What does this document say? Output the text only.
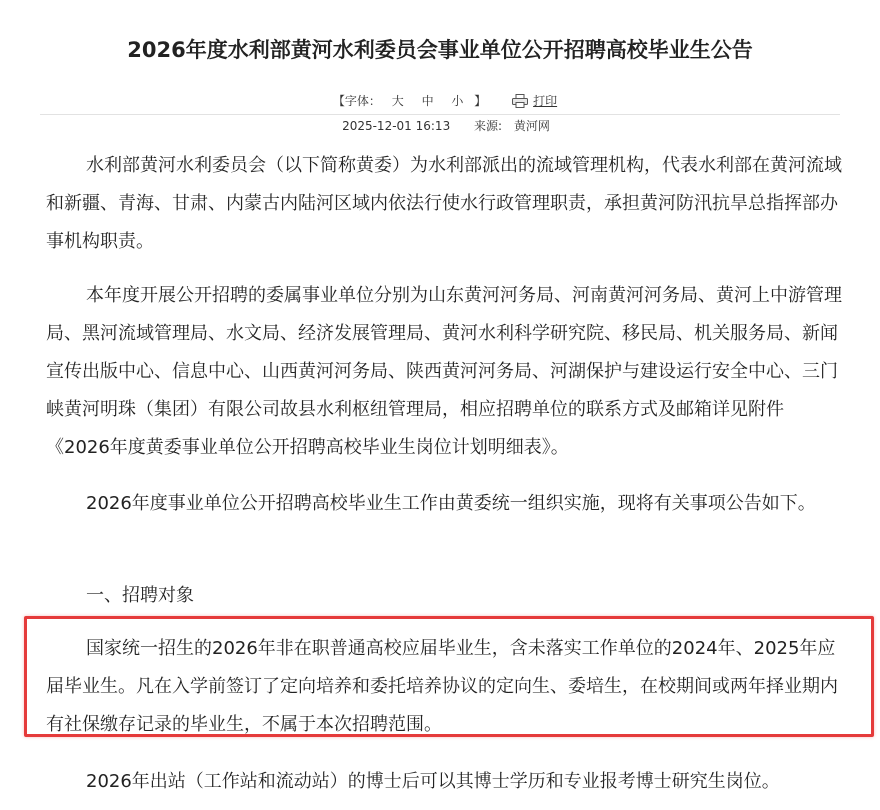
2026年度水利部黄河水利委员会事业单位公开招聘高校毕业生公告
【字体： 大 中 小 】	打印
2025-12-01 16:13 来源: 黄河网

水利部黄河水利委员会（以下简称黄委）为水利部派出的流域管理机构，代表水利部在黄河流域和新疆、青海、甘肃、内蒙古内陆河区域内依法行使水行政管理职责，承担黄河防汛抗旱总指挥部办事机构职责。

本年度开展公开招聘的委属事业单位分别为山东黄河河务局、河南黄河河务局、黄河上中游管理局、黑河流域管理局、水文局、经济发展管理局、黄河水利科学研究院、移民局、机关服务局、新闻宣传出版中心、信息中心、山西黄河河务局、陕西黄河河务局、河湖保护与建设运行安全中心、三门峡黄河明珠（集团）有限公司故县水利枢纽管理局，相应招聘单位的联系方式及邮箱详见附件《2026年度黄委事业单位公开招聘高校毕业生岗位计划明细表》。

2026年度事业单位公开招聘高校毕业生工作由黄委统一组织实施，现将有关事项公告如下。

一、招聘对象

国家统一招生的2026年非在职普通高校应届毕业生，含未落实工作单位的2024年、2025年应届毕业生。凡在入学前签订了定向培养和委托培养协议的定向生、委培生，在校期间或两年择业期内有社保缴存记录的毕业生，不属于本次招聘范围。

2026年出站（工作站和流动站）的博士后可以其博士学历和专业报考博士研究生岗位。
